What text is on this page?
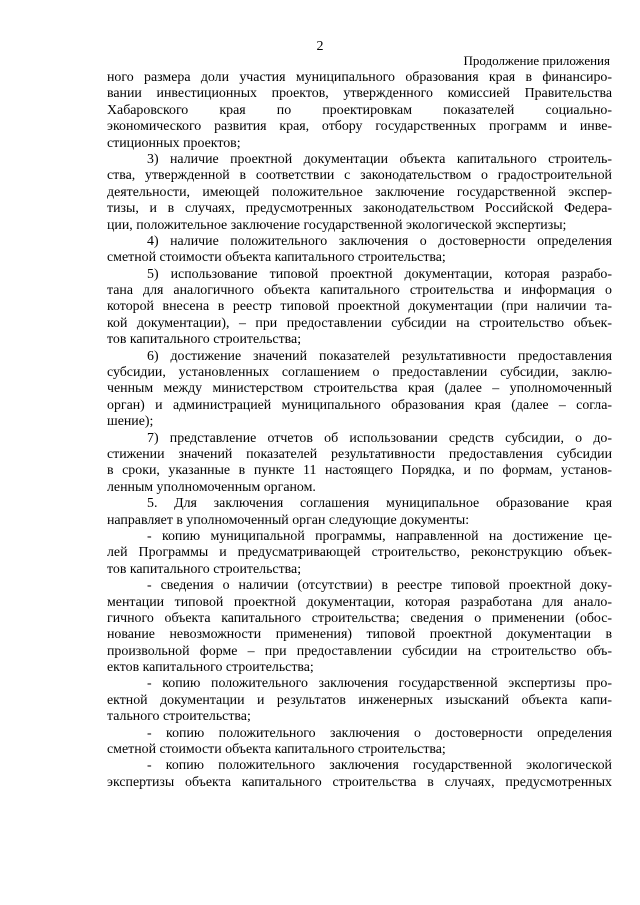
2
Продолжение приложения
ного размера доли участия муниципального образования края в финансиро-
вании инвестиционных проектов, утвержденного комиссией Правительства
Хабаровского края по проектировкам показателей социально-
экономического развития края, отбору государственных программ и инве-
стиционных проектов;
3) наличие проектной документации объекта капитального строитель-
ства, утвержденной в соответствии с законодательством о градостроительной
деятельности, имеющей положительное заключение государственной экспер-
тизы, и в случаях, предусмотренных законодательством Российской Федера-
ции, положительное заключение государственной экологической экспертизы;
4) наличие положительного заключения о достоверности определения
сметной стоимости объекта капитального строительства;
5) использование типовой проектной документации, которая разрабо-
тана для аналогичного объекта капитального строительства и информация о
которой внесена в реестр типовой проектной документации (при наличии та-
кой документации), – при предоставлении субсидии на строительство объек-
тов капитального строительства;
6) достижение значений показателей результативности предоставления
субсидии, установленных соглашением о предоставлении субсидии, заклю-
ченным между министерством строительства края (далее – уполномоченный
орган) и администрацией муниципального образования края (далее – согла-
шение);
7) представление отчетов об использовании средств субсидии, о до-
стижении значений показателей результативности предоставления субсидии
в сроки, указанные в пункте 11 настоящего Порядка, и по формам, установ-
ленным уполномоченным органом.
5. Для заключения соглашения муниципальное образование края
направляет в уполномоченный орган следующие документы:
- копию муниципальной программы, направленной на достижение це-
лей Программы и предусматривающей строительство, реконструкцию объек-
тов капитального строительства;
- сведения о наличии (отсутствии) в реестре типовой проектной доку-
ментации типовой проектной документации, которая разработана для анало-
гичного объекта капитального строительства; сведения о применении (обос-
нование невозможности применения) типовой проектной документации в
произвольной форме – при предоставлении субсидии на строительство объ-
ектов капитального строительства;
- копию положительного заключения государственной экспертизы про-
ектной документации и результатов инженерных изысканий объекта капи-
тального строительства;
- копию положительного заключения о достоверности определения
сметной стоимости объекта капитального строительства;
- копию положительного заключения государственной экологической
экспертизы объекта капитального строительства в случаях, предусмотренных
